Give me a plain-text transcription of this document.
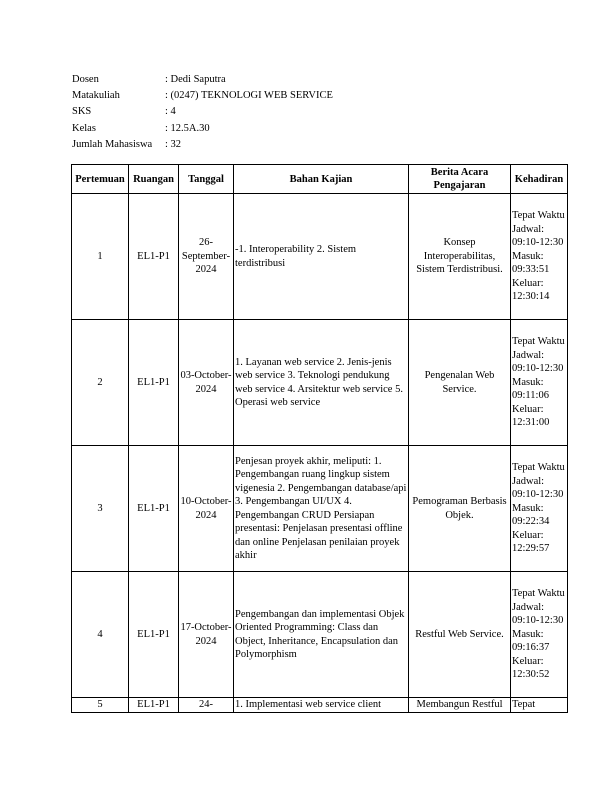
Dosen	: Dedi Saputra
Matakuliah	: (0247) TEKNOLOGI WEB SERVICE
SKS	: 4
Kelas	: 12.5A.30
Jumlah Mahasiswa	: 32
Pertemuan	Ruangan	Tanggal	Bahan Kajian	Berita Acara Pengajaran	Kehadiran
1	EL1-P1	26-September-2024	-1. Interoperability 2. Sistem terdistribusi	Konsep Interoperabilitas, Sistem Terdistribusi.	Tepat Waktu Jadwal: 09:10-12:30 Masuk: 09:33:51 Keluar: 12:30:14
2	EL1-P1	03-October-2024	1. Layanan web service 2. Jenis-jenis web service 3. Teknologi pendukung web service 4. Arsitektur web service 5. Operasi web service	Pengenalan Web Service.	Tepat Waktu Jadwal: 09:10-12:30 Masuk: 09:11:06 Keluar: 12:31:00
3	EL1-P1	10-October-2024	Penjesan proyek akhir, meliputi: 1. Pengembangan ruang lingkup sistem vigenesia 2. Pengembangan database/api 3. Pengembangan UI/UX 4. Pengembangan CRUD Persiapan presentasi: Penjelasan presentasi offline dan online Penjelasan penilaian proyek akhir	Pemograman Berbasis Objek.	Tepat Waktu Jadwal: 09:10-12:30 Masuk: 09:22:34 Keluar: 12:29:57
4	EL1-P1	17-October-2024	Pengembangan dan implementasi Objek Oriented Programming: Class dan Object, Inheritance, Encapsulation dan Polymorphism	Restful Web Service.	Tepat Waktu Jadwal: 09:10-12:30 Masuk: 09:16:37 Keluar: 12:30:52
5	EL1-P1	24-	1. Implementasi web service client	Membangun Restful	Tepat
